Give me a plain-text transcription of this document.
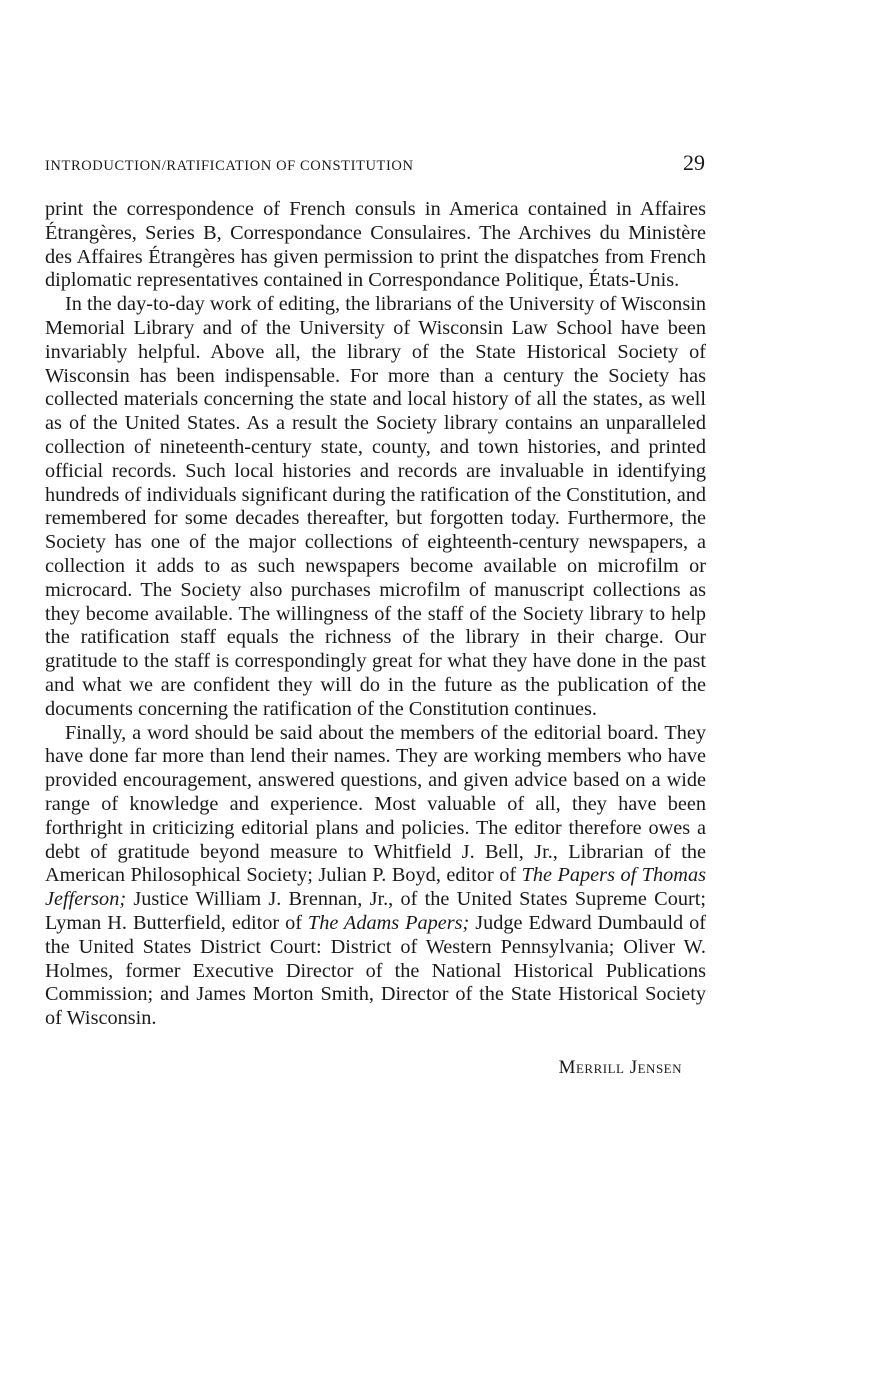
INTRODUCTION/RATIFICATION OF CONSTITUTION	29

print the correspondence of French consuls in America contained in Affaires Étrangères, Series B, Correspondance Consulaires. The Archives du Ministère des Affaires Étrangères has given permission to print the dispatches from French diplomatic representatives contained in Correspondance Politique, États-Unis.

In the day-to-day work of editing, the librarians of the University of Wisconsin Memorial Library and of the University of Wisconsin Law School have been invariably helpful. Above all, the library of the State Historical Society of Wisconsin has been indispensable. For more than a century the Society has collected materials concerning the state and local history of all the states, as well as of the United States. As a result the Society library contains an unparalleled collection of nineteenth-century state, county, and town histories, and printed official records. Such local histories and records are invaluable in identifying hundreds of individuals significant during the ratification of the Constitution, and remembered for some decades thereafter, but forgotten today. Furthermore, the Society has one of the major collections of eighteenth-century newspapers, a collection it adds to as such newspapers become available on microfilm or microcard. The Society also purchases microfilm of manuscript collections as they become available. The willingness of the staff of the Society library to help the ratification staff equals the richness of the library in their charge. Our gratitude to the staff is correspondingly great for what they have done in the past and what we are confident they will do in the future as the publication of the documents concerning the ratification of the Constitution continues.

Finally, a word should be said about the members of the editorial board. They have done far more than lend their names. They are working members who have provided encouragement, answered questions, and given advice based on a wide range of knowledge and experience. Most valuable of all, they have been forthright in criticizing editorial plans and policies. The editor therefore owes a debt of gratitude beyond measure to Whitfield J. Bell, Jr., Librarian of the American Philosophical Society; Julian P. Boyd, editor of The Papers of Thomas Jefferson; Justice William J. Brennan, Jr., of the United States Supreme Court; Lyman H. Butterfield, editor of The Adams Papers; Judge Edward Dumbauld of the United States District Court: District of Western Pennsylvania; Oliver W. Holmes, former Executive Director of the National Historical Publications Commission; and James Morton Smith, Director of the State Historical Society of Wisconsin.

Merrill Jensen
